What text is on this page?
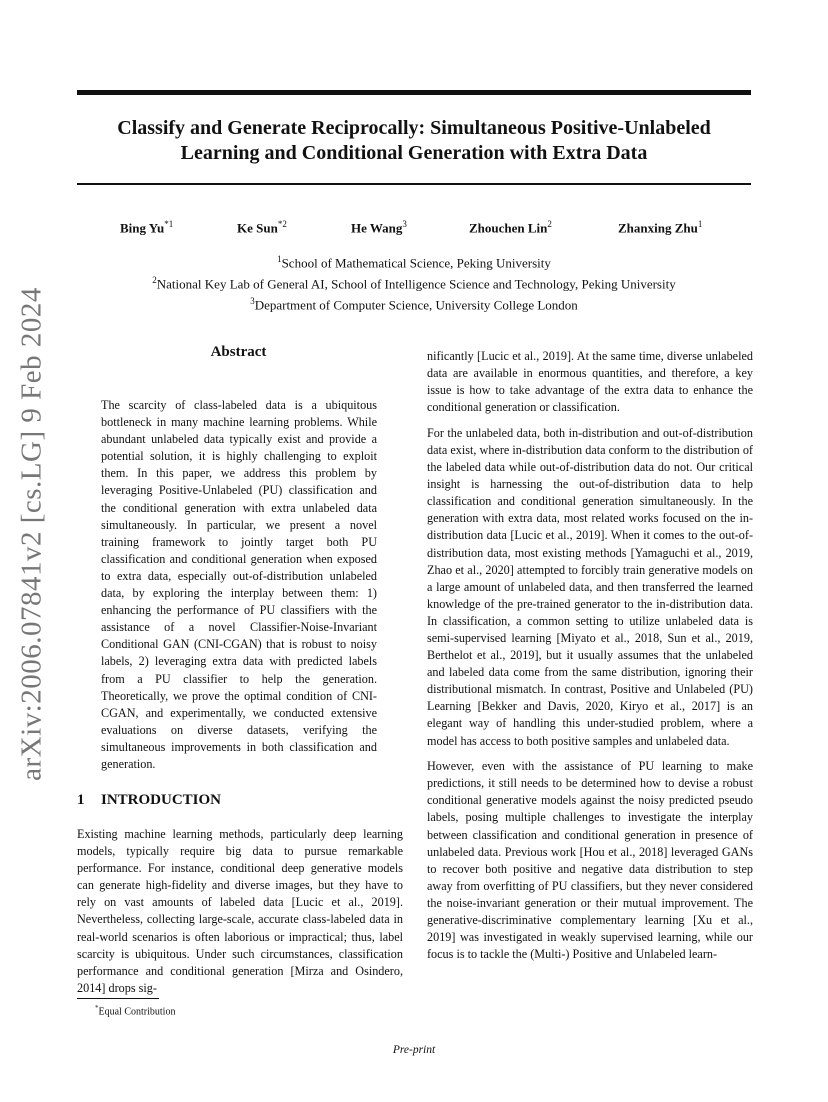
arXiv:2006.07841v2 [cs.LG] 9 Feb 2024
Classify and Generate Reciprocally: Simultaneous Positive-Unlabeled Learning and Conditional Generation with Extra Data
Bing Yu$^{*1}$	Ke Sun$^{*2}$	He Wang$^3$	Zhouchen Lin$^2$	Zhanxing Zhu$^1$
$^1$School of Mathematical Science, Peking University
$^2$National Key Lab of General AI, School of Intelligence Science and Technology, Peking University
$^3$Department of Computer Science, University College London
Abstract
The scarcity of class-labeled data is a ubiquitous bottleneck in many machine learning problems. While abundant unlabeled data typically exist and provide a potential solution, it is highly challenging to exploit them. In this paper, we address this problem by leveraging Positive-Unlabeled (PU) classification and the conditional generation with extra unlabeled data simultaneously. In particular, we present a novel training framework to jointly target both PU classification and conditional generation when exposed to extra data, especially out-of-distribution unlabeled data, by exploring the interplay between them: 1) enhancing the performance of PU classifiers with the assistance of a novel Classifier-Noise-Invariant Conditional GAN (CNI-CGAN) that is robust to noisy labels, 2) leveraging extra data with predicted labels from a PU classifier to help the generation. Theoretically, we prove the optimal condition of CNI-CGAN, and experimentally, we conducted extensive evaluations on diverse datasets, verifying the simultaneous improvements in both classification and generation.
1 INTRODUCTION
Existing machine learning methods, particularly deep learning models, typically require big data to pursue remarkable performance. For instance, conditional deep generative models can generate high-fidelity and diverse images, but they have to rely on vast amounts of labeled data [Lucic et al., 2019]. Nevertheless, collecting large-scale, accurate class-labeled data in real-world scenarios is often laborious or impractical; thus, label scarcity is ubiquitous. Under such circumstances, classification performance and conditional generation [Mirza and Osindero, 2014] drops sig-
*Equal Contribution

nificantly [Lucic et al., 2019]. At the same time, diverse unlabeled data are available in enormous quantities, and therefore, a key issue is how to take advantage of the extra data to enhance the conditional generation or classification.

For the unlabeled data, both in-distribution and out-of-distribution data exist, where in-distribution data conform to the distribution of the labeled data while out-of-distribution data do not. Our critical insight is harnessing the out-of-distribution data to help classification and conditional generation simultaneously. In the generation with extra data, most related works focused on the in-distribution data [Lucic et al., 2019]. When it comes to the out-of-distribution data, most existing methods [Yamaguchi et al., 2019, Zhao et al., 2020] attempted to forcibly train generative models on a large amount of unlabeled data, and then transferred the learned knowledge of the pre-trained generator to the in-distribution data. In classification, a common setting to utilize unlabeled data is semi-supervised learning [Miyato et al., 2018, Sun et al., 2019, Berthelot et al., 2019], but it usually assumes that the unlabeled and labeled data come from the same distribution, ignoring their distributional mismatch. In contrast, Positive and Unlabeled (PU) Learning [Bekker and Davis, 2020, Kiryo et al., 2017] is an elegant way of handling this under-studied problem, where a model has access to both positive samples and unlabeled data.

However, even with the assistance of PU learning to make predictions, it still needs to be determined how to devise a robust conditional generative models against the noisy predicted pseudo labels, posing multiple challenges to investigate the interplay between classification and conditional generation in presence of unlabeled data. Previous work [Hou et al., 2018] leveraged GANs to recover both positive and negative data distribution to step away from overfitting of PU classifiers, but they never considered the noise-invariant generation or their mutual improvement. The generative-discriminative complementary learning [Xu et al., 2019] was investigated in weakly supervised learning, while our focus is to tackle the (Multi-) Positive and Unlabeled learn-

Pre-print
